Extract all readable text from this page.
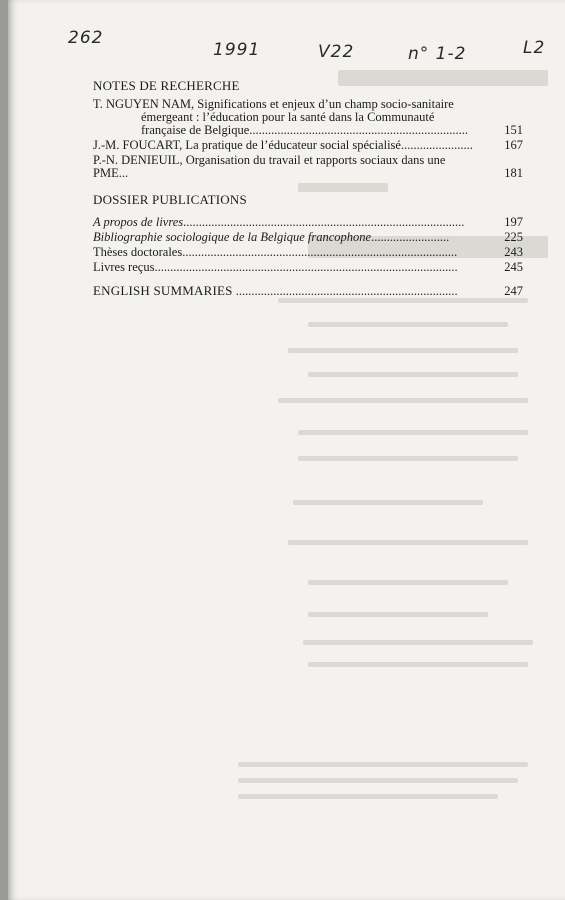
262
1991	V22	n° 1-2	L2
NOTES DE RECHERCHE
T. NGUYEN NAM, Significations et enjeux d’un champ socio-sanitaire
émergeant : l’éducation pour la santé dans la Communauté
française de Belgique......................................................................	151
J.-M. FOUCART, La pratique de l’éducateur social spécialisé.......................	167
P.-N. DENIEUIL, Organisation du travail et rapports sociaux dans une PME...	181
DOSSIER PUBLICATIONS
A propos de livres..........................................................................................	197
Bibliographie sociologique de la Belgique francophone.........................	225
Thèses doctorales........................................................................................	243
Livres reçus.................................................................................................	245
ENGLISH SUMMARIES .......................................................................	247
